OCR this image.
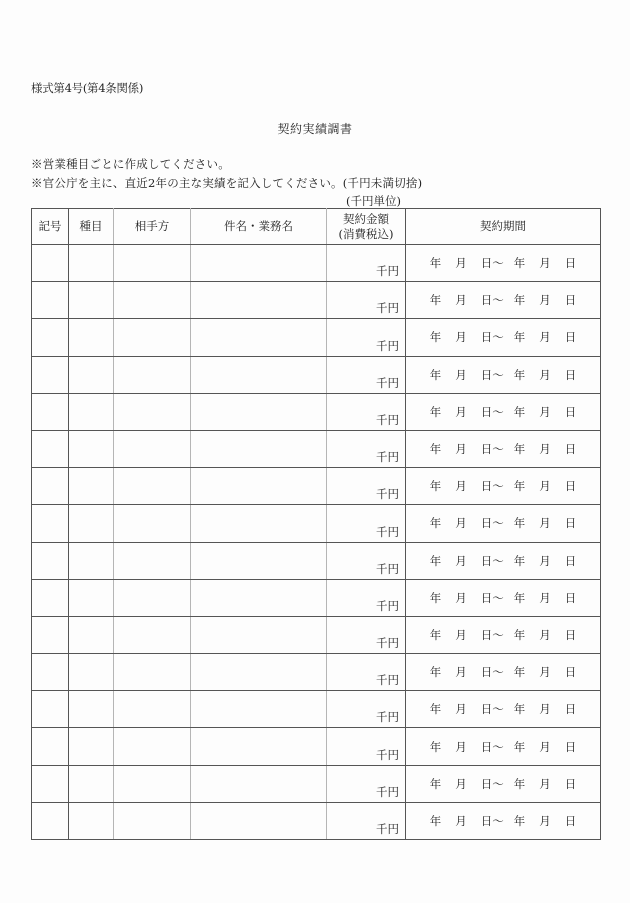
様式第4号(第4条関係)
契約実績調書
※営業種目ごとに作成してください。
※官公庁を主に、直近2年の主な実績を記入してください。(千円未満切捨)
(千円単位)
記号	種目	相手方	件名・業務名	契約金額
(消費税込)	契約期間
				千円	年 月 日〜 年 月 日
				千円	年 月 日〜 年 月 日
				千円	年 月 日〜 年 月 日
				千円	年 月 日〜 年 月 日
				千円	年 月 日〜 年 月 日
				千円	年 月 日〜 年 月 日
				千円	年 月 日〜 年 月 日
				千円	年 月 日〜 年 月 日
				千円	年 月 日〜 年 月 日
				千円	年 月 日〜 年 月 日
				千円	年 月 日〜 年 月 日
				千円	年 月 日〜 年 月 日
				千円	年 月 日〜 年 月 日
				千円	年 月 日〜 年 月 日
				千円	年 月 日〜 年 月 日
				千円	年 月 日〜 年 月 日
